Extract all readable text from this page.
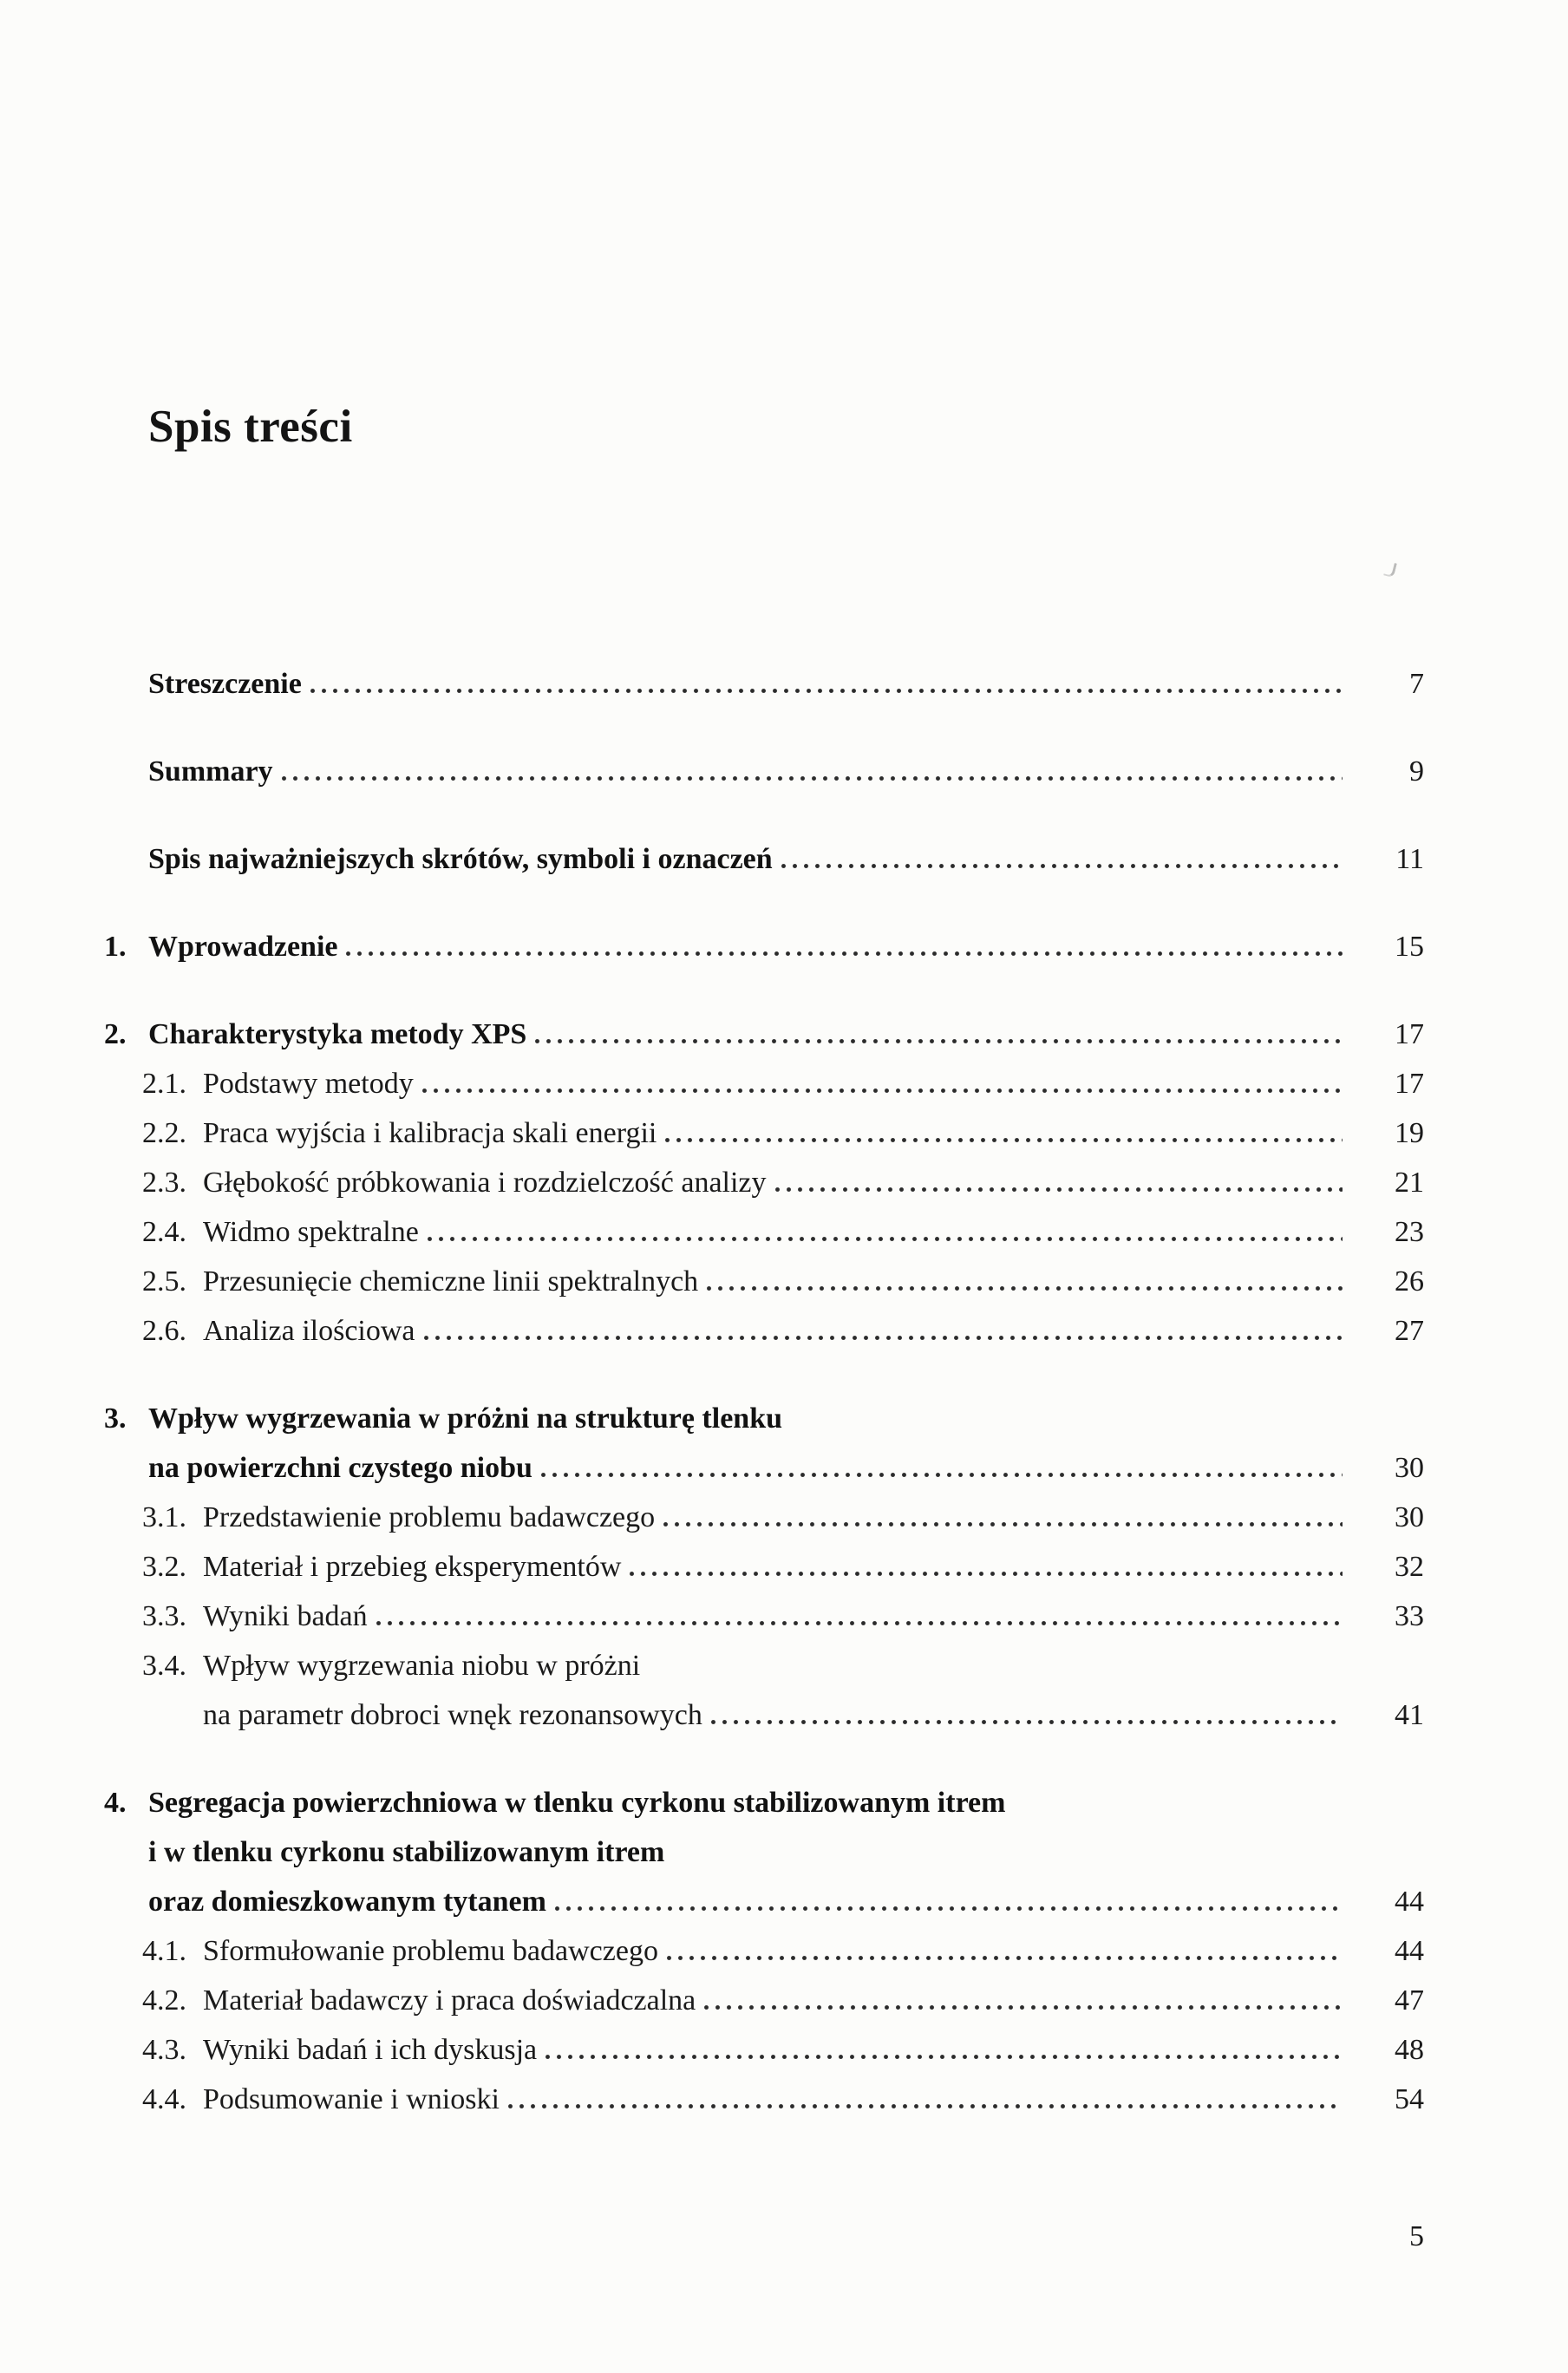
Spis treści
Streszczenie	7
Summary	9
Spis najważniejszych skrótów, symboli i oznaczeń	11
1. Wprowadzenie	15
2. Charakterystyka metody XPS	17
2.1. Podstawy metody	17
2.2. Praca wyjścia i kalibracja skali energii	19
2.3. Głębokość próbkowania i rozdzielczość analizy	21
2.4. Widmo spektralne	23
2.5. Przesunięcie chemiczne linii spektralnych	26
2.6. Analiza ilościowa	27
3. Wpływ wygrzewania w próżni na strukturę tlenku
na powierzchni czystego niobu	30
3.1. Przedstawienie problemu badawczego	30
3.2. Materiał i przebieg eksperymentów	32
3.3. Wyniki badań	33
3.4. Wpływ wygrzewania niobu w próżni
na parametr dobroci wnęk rezonansowych	41
4. Segregacja powierzchniowa w tlenku cyrkonu stabilizowanym itrem
i w tlenku cyrkonu stabilizowanym itrem
oraz domieszkowanym tytanem	44
4.1. Sformułowanie problemu badawczego	44
4.2. Materiał badawczy i praca doświadczalna	47
4.3. Wyniki badań i ich dyskusja	48
4.4. Podsumowanie i wnioski	54
5
